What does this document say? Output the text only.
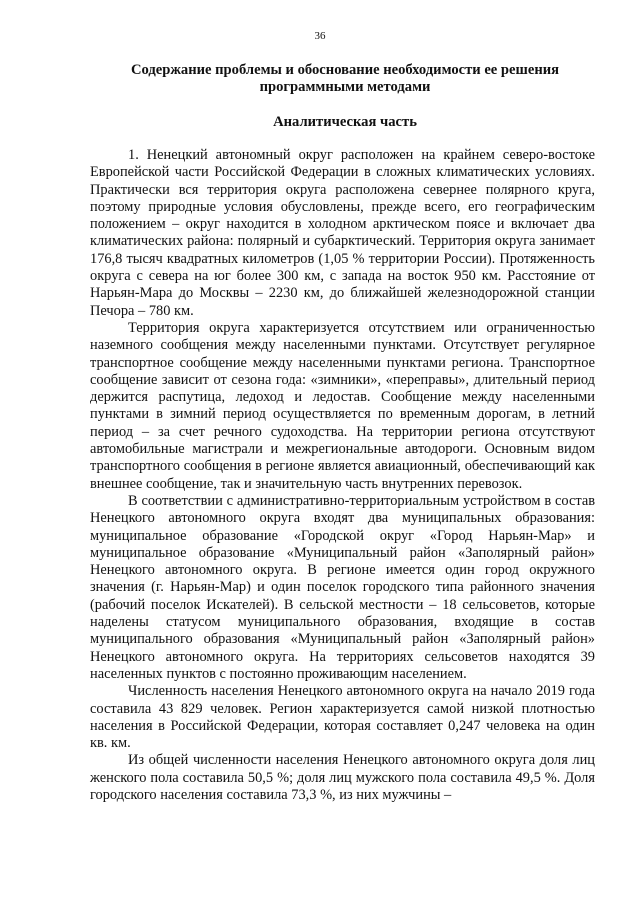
36
Содержание проблемы и обоснование необходимости ее решения программными методами
Аналитическая часть

1. Ненецкий автономный округ расположен на крайнем северо-востоке Европейской части Российской Федерации в сложных климатических условиях. Практически вся территория округа расположена севернее полярного круга, поэтому природные условия обусловлены, прежде всего, его географическим положением – округ находится в холодном арктическом поясе и включает два климатических района: полярный и субарктический. Территория округа занимает 176,8 тысяч квадратных километров (1,05 % территории России). Протяженность округа с севера на юг более 300 км, с запада на восток 950 км. Расстояние от Нарьян-Мара до Москвы – 2230 км, до ближайшей железнодорожной станции Печора – 780 км.

Территория округа характеризуется отсутствием или ограниченностью наземного сообщения между населенными пунктами. Отсутствует регулярное транспортное сообщение между населенными пунктами региона. Транспортное сообщение зависит от сезона года: «зимники», «переправы», длительный период держится распутица, ледоход и ледостав. Сообщение между населенными пунктами в зимний период осуществляется по временным дорогам, в летний период – за счет речного судоходства. На территории региона отсутствуют автомобильные магистрали и межрегиональные автодороги. Основным видом транспортного сообщения в регионе является авиационный, обеспечивающий как внешнее сообщение, так и значительную часть внутренних перевозок.

В соответствии с административно-территориальным устройством в состав Ненецкого автономного округа входят два муниципальных образования: муниципальное образование «Городской округ «Город Нарьян-Мар» и муниципальное образование «Муниципальный район «Заполярный район» Ненецкого автономного округа. В регионе имеется один город окружного значения (г. Нарьян-Мар) и один поселок городского типа районного значения (рабочий поселок Искателей). В сельской местности – 18 сельсоветов, которые наделены статусом муниципального образования, входящие в состав муниципального образования «Муниципальный район «Заполярный район» Ненецкого автономного округа. На территориях сельсоветов находятся 39 населенных пунктов с постоянно проживающим населением.

Численность населения Ненецкого автономного округа на начало 2019 года составила 43 829 человек. Регион характеризуется самой низкой плотностью населения в Российской Федерации, которая составляет 0,247 человека на один кв. км.

Из общей численности населения Ненецкого автономного округа доля лиц женского пола составила 50,5 %; доля лиц мужского пола составила 49,5 %. Доля городского населения составила 73,3 %, из них мужчины –
